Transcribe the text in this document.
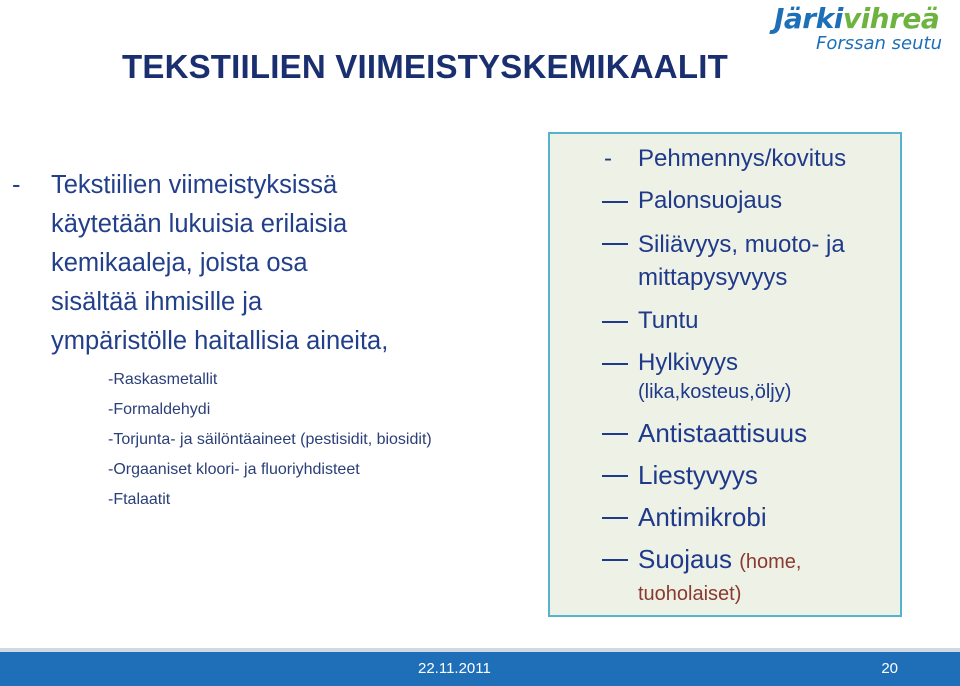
Järkivihreä
Forssan seutu
TEKSTIILIEN VIIMEISTYSKEMIKAALIT
- Tekstiilien viimeistyksissä
käytetään lukuisia erilaisia
kemikaaleja, joista osa
sisältää ihmisille ja
ympäristölle haitallisia aineita,
-Raskasmetallit
-Formaldehydi
-Torjunta- ja säilöntäaineet (pestisidit, biosidit)
-Orgaaniset kloori- ja fluoriyhdisteet
-Ftalaatit
- Pehmennys/kovitus
Palonsuojaus
Siliävyys, muoto- ja mittapysyvyys
Tuntu
Hylkivyys
(lika,kosteus,öljy)
Antistaattisuus
Liestyvyys
Antimikrobi
Suojaus (home, tuoholaiset)
22.11.2011	20
